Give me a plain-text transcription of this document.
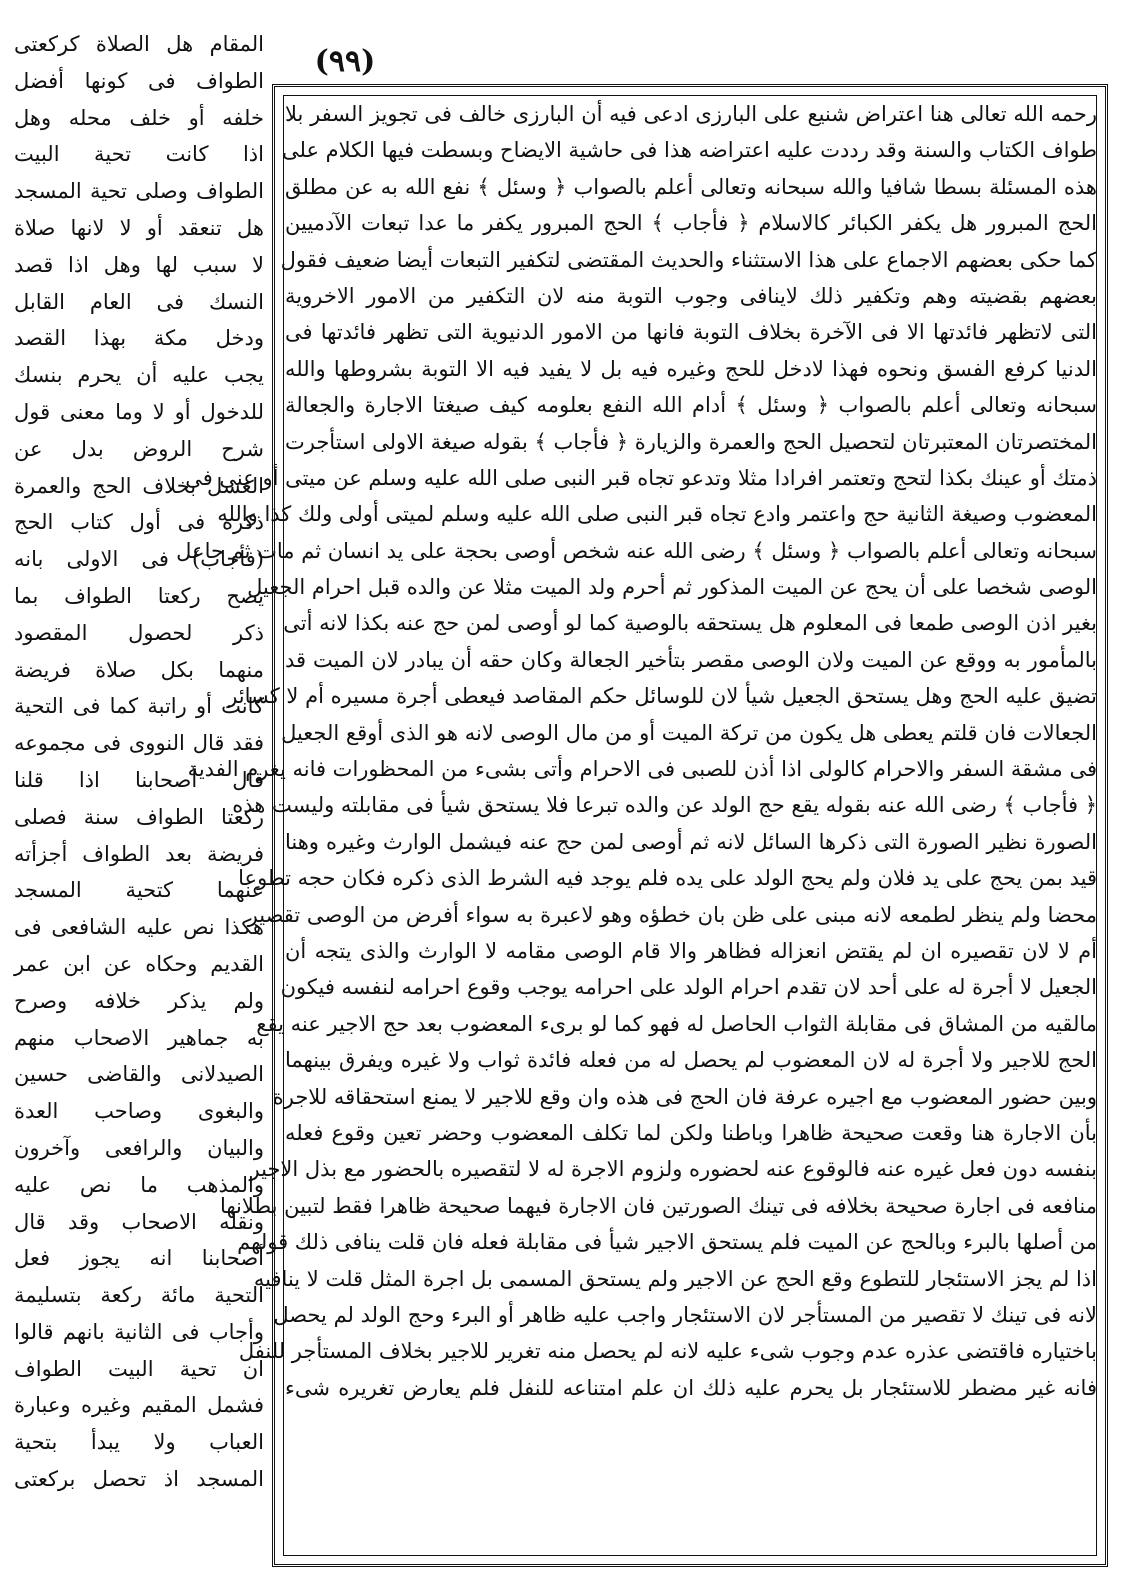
(٩٩)
رحمه الله تعالى هنا اعتراض شنيع على البارزى ادعى فيه أن البارزى خالف فى تجويز السفر بلا
طواف الكتاب والسنة وقد رددت عليه اعتراضه هذا فى حاشية الايضاح وبسطت فيها الكلام على
هذه المسئلة بسطا شافيا والله سبحانه وتعالى أعلم بالصواب ﴿ وسئل ﴾ نفع الله به عن مطلق
الحج المبرور هل يكفر الكبائر كالاسلام ﴿ فأجاب ﴾ الحج المبرور يكفر ما عدا تبعات الآدميين
كما حكى بعضهم الاجماع على هذا الاستثناء والحديث المقتضى لتكفير التبعات أيضا ضعيف فقول
بعضهم بقضيته وهم وتكفير ذلك لاينافى وجوب التوبة منه لان التكفير من الامور الاخروية
التى لاتظهر فائدتها الا فى الآخرة بخلاف التوبة فانها من الامور الدنيوية التى تظهر فائدتها فى
الدنيا كرفع الفسق ونحوه فهذا لادخل للحج وغيره فيه بل لا يفيد فيه الا التوبة بشروطها والله
سبحانه وتعالى أعلم بالصواب ﴿ وسئل ﴾ أدام الله النفع بعلومه كيف صيغتا الاجارة والجعالة
المختصرتان المعتبرتان لتحصيل الحج والعمرة والزيارة ﴿ فأجاب ﴾ بقوله صيغة الاولى استأجرت
ذمتك أو عينك بكذا لتحج وتعتمر افرادا مثلا وتدعو تجاه قبر النبى صلى الله عليه وسلم عن ميتى أو عنى فى
المعضوب وصيغة الثانية حج واعتمر وادع تجاه قبر النبى صلى الله عليه وسلم لميتى أولى ولك كذا والله
سبحانه وتعالى أعلم بالصواب ﴿ وسئل ﴾ رضى الله عنه شخص أوصى بحجة على يد انسان ثم مات ثم جاعل
الوصى شخصا على أن يحج عن الميت المذكور ثم أحرم ولد الميت مثلا عن والده قبل احرام الجعيل
بغير اذن الوصى طمعا فى المعلوم هل يستحقه بالوصية كما لو أوصى لمن حج عنه بكذا لانه أتى
بالمأمور به ووقع عن الميت ولان الوصى مقصر بتأخير الجعالة وكان حقه أن يبادر لان الميت قد
تضيق عليه الحج وهل يستحق الجعيل شيأ لان للوسائل حكم المقاصد فيعطى أجرة مسيره أم لا كسائر
الجعالات فان قلتم يعطى هل يكون من تركة الميت أو من مال الوصى لانه هو الذى أوقع الجعيل
فى مشقة السفر والاحرام كالولى اذا أذن للصبى فى الاحرام وأتى بشىء من المحظورات فانه يغرم الفدية
﴿ فأجاب ﴾ رضى الله عنه بقوله يقع حج الولد عن والده تبرعا فلا يستحق شيأ فى مقابلته وليست هذه
الصورة نظير الصورة التى ذكرها السائل لانه ثم أوصى لمن حج عنه فيشمل الوارث وغيره وهنا
قيد بمن يحج على يد فلان ولم يحج الولد على يده فلم يوجد فيه الشرط الذى ذكره فكان حجه تطوعا
محضا ولم ينظر لطمعه لانه مبنى على ظن بان خطؤه وهو لاعبرة به سواء أفرض من الوصى تقصير
أم لا لان تقصيره ان لم يقتض انعزاله فظاهر والا قام الوصى مقامه لا الوارث والذى يتجه أن
الجعيل لا أجرة له على أحد لان تقدم احرام الولد على احرامه يوجب وقوع احرامه لنفسه فيكون
مالقيه من المشاق فى مقابلة الثواب الحاصل له فهو كما لو برىء المعضوب بعد حج الاجير عنه يقع
الحج للاجير ولا أجرة له لان المعضوب لم يحصل له من فعله فائدة ثواب ولا غيره ويفرق بينهما
وبين حضور المعضوب مع اجيره عرفة فان الحج فى هذه وان وقع للاجير لا يمنع استحقاقه للاجرة
بأن الاجارة هنا وقعت صحيحة ظاهرا وباطنا ولكن لما تكلف المعضوب وحضر تعين وقوع فعله
بنفسه دون فعل غيره عنه فالوقوع عنه لحضوره ولزوم الاجرة له لا لتقصيره بالحضور مع بذل الاجير
منافعه فى اجارة صحيحة بخلافه فى تينك الصورتين فان الاجارة فيهما صحيحة ظاهرا فقط لتبين بطلانها
من أصلها بالبرء وبالحج عن الميت فلم يستحق الاجير شيأ فى مقابلة فعله فان قلت ينافى ذلك قولهم
اذا لم يجز الاستئجار للتطوع وقع الحج عن الاجير ولم يستحق المسمى بل اجرة المثل قلت لا ينافيه
لانه فى تينك لا تقصير من المستأجر لان الاستئجار واجب عليه ظاهر أو البرء وحج الولد لم يحصل
باختياره فاقتضى عذره عدم وجوب شىء عليه لانه لم يحصل منه تغرير للاجير بخلاف المستأجر للنفل
فانه غير مضطر للاستئجار بل يحرم عليه ذلك ان علم امتناعه للنفل فلم يعارض تغريره شىء
المقام هل الصلاة كركعتى
الطواف فى كونها أفضل
خلفه أو خلف محله وهل
اذا كانت تحية البيت
الطواف وصلى تحية المسجد
هل تنعقد أو لا لانها صلاة
لا سبب لها وهل اذا قصد
النسك فى العام القابل
ودخل مكة بهذا القصد
يجب عليه أن يحرم بنسك
للدخول أو لا وما معنى قول
شرح الروض بدل عن
الغسل بخلاف الحج والعمرة
ذكره فى أول كتاب الحج
(فأجاب) فى الاولى بانه
يصح ركعتا الطواف بما
ذكر لحصول المقصود
منهما بكل صلاة فريضة
كانت أو راتبة كما فى التحية
فقد قال النووى فى مجموعه
قال أصحابنا اذا قلنا
ركعتا الطواف سنة فصلى
فريضة بعد الطواف أجزأته
عنهما كتحية المسجد
هكذا نص عليه الشافعى فى
القديم وحكاه عن ابن عمر
ولم يذكر خلافه وصرح
به جماهير الاصحاب منهم
الصيدلانى والقاضى حسين
والبغوى وصاحب العدة
والبيان والرافعى وآخرون
والمذهب ما نص عليه
ونقله الاصحاب وقد قال
أصحابنا انه يجوز فعل
التحية مائة ركعة بتسليمة
وأجاب فى الثانية بانهم قالوا
ان تحية البيت الطواف
فشمل المقيم وغيره وعبارة
العباب ولا يبدأ بتحية
المسجد اذ تحصل بركعتى
